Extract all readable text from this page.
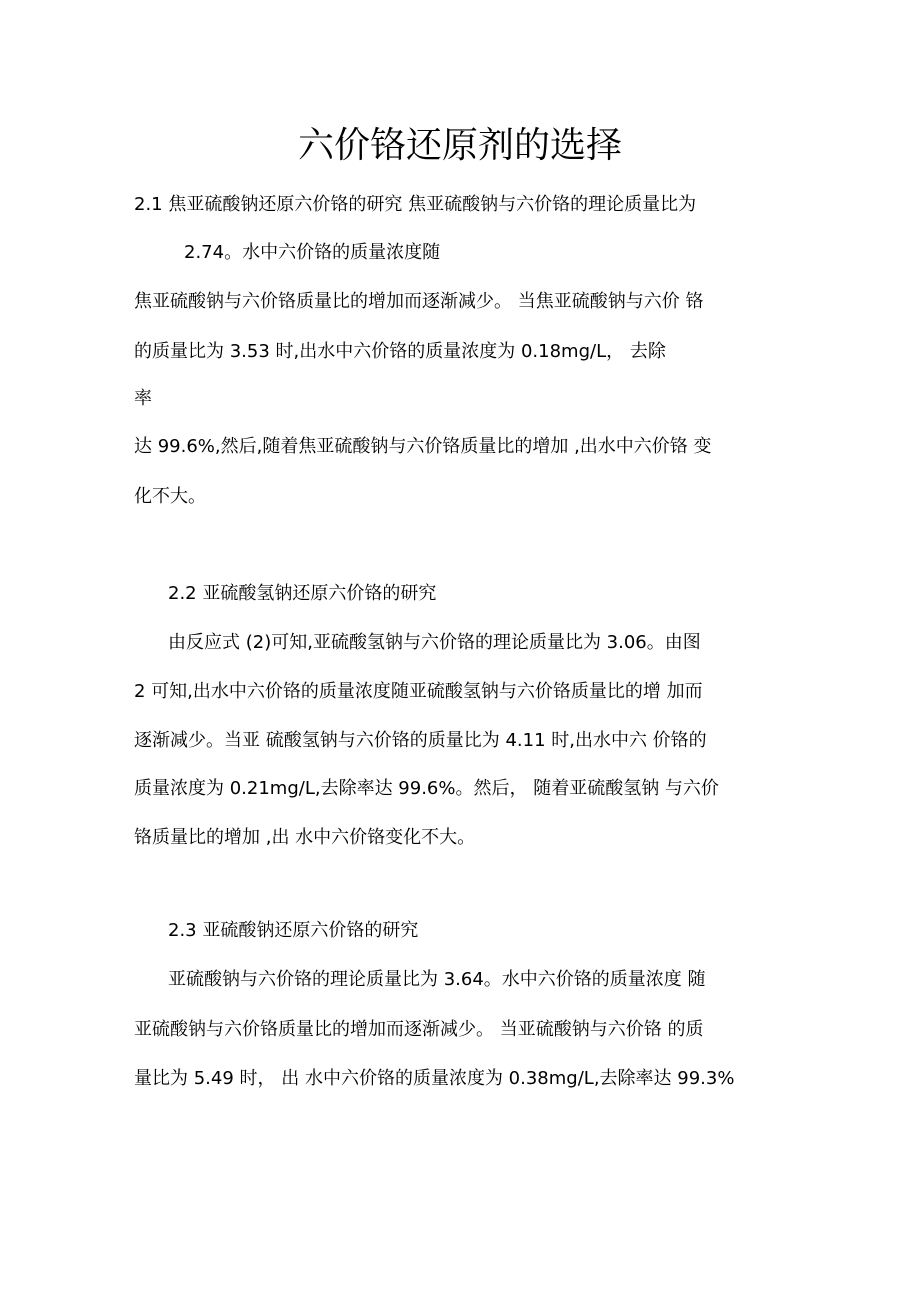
六价铬还原剂的选择
2.1 焦亚硫酸钠还原六价铬的研究 焦亚硫酸钠与六价铬的理论质量比为
2.74。水中六价铬的质量浓度随
焦亚硫酸钠与六价铬质量比的增加而逐渐减少。 当焦亚硫酸钠与六价 铬
的质量比为 3.53 时,出水中六价铬的质量浓度为 0.18mg/L， 去除
率
达 99.6%,然后,随着焦亚硫酸钠与六价铬质量比的增加 ,出水中六价铬 变
化不大。
2.2 亚硫酸氢钠还原六价铬的研究
由反应式 (2)可知,亚硫酸氢钠与六价铬的理论质量比为 3.06。由图
2 可知,出水中六价铬的质量浓度随亚硫酸氢钠与六价铬质量比的增 加而
逐渐减少。当亚 硫酸氢钠与六价铬的质量比为 4.11 时,出水中六 价铬的
质量浓度为 0.21mg/L,去除率达 99.6%。然后， 随着亚硫酸氢钠 与六价
铬质量比的增加 ,出 水中六价铬变化不大。
2.3 亚硫酸钠还原六价铬的研究
亚硫酸钠与六价铬的理论质量比为 3.64。水中六价铬的质量浓度 随
亚硫酸钠与六价铬质量比的增加而逐渐减少。 当亚硫酸钠与六价铬 的质
量比为 5.49 时， 出 水中六价铬的质量浓度为 0.38mg/L,去除率达 99.3%
